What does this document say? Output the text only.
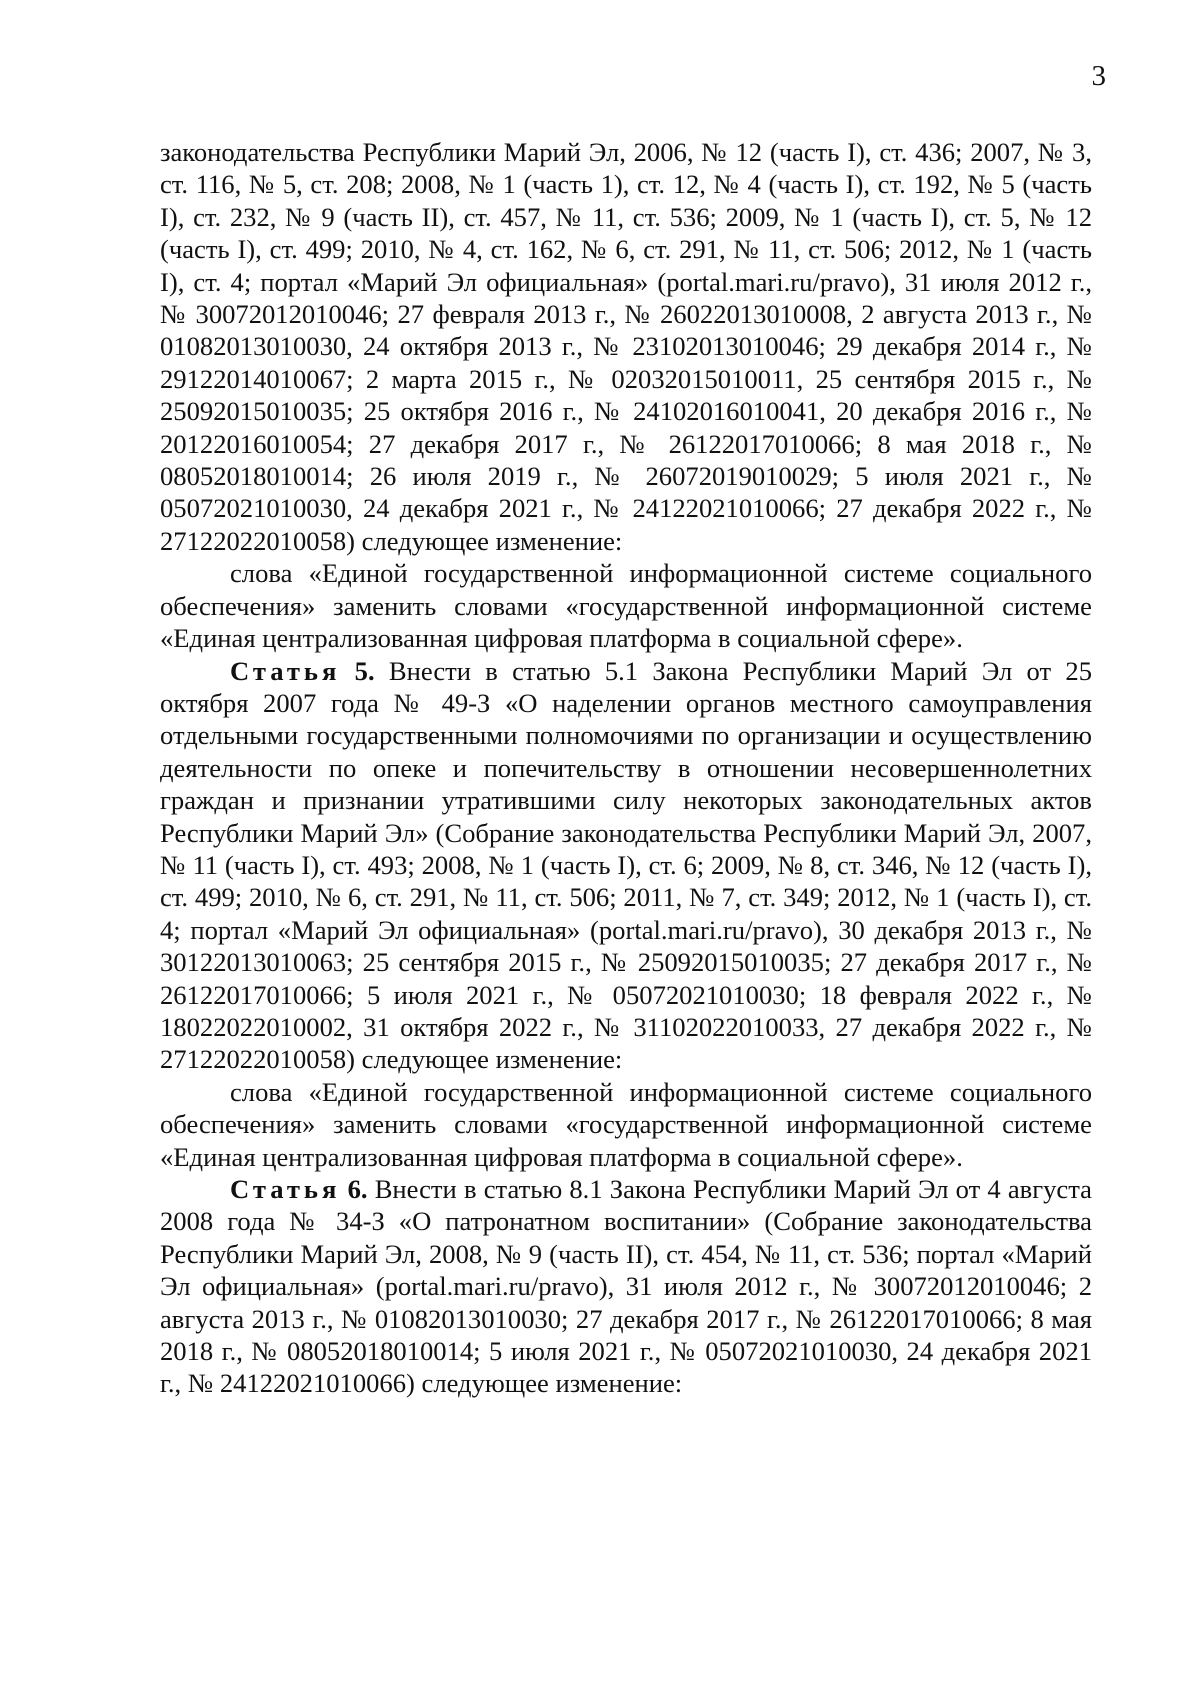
3

законодательства Республики Марий Эл, 2006, № 12 (часть I), ст. 436; 2007, № 3, ст. 116, № 5, ст. 208; 2008, № 1 (часть 1), ст. 12, № 4 (часть I), ст. 192, № 5 (часть I), ст. 232, № 9 (часть II), ст. 457, № 11, ст. 536; 2009, № 1 (часть I), ст. 5, № 12 (часть I), ст. 499; 2010, № 4, ст. 162, № 6, ст. 291, № 11, ст. 506; 2012, № 1 (часть I), ст. 4; портал «Марий Эл официальная» (portal.mari.ru/pravo), 31 июля 2012 г., № 30072012010046; 27 февраля 2013 г., № 26022013010008, 2 августа 2013 г., № 01082013010030, 24 октября 2013 г., № 23102013010046; 29 декабря 2014 г., № 29122014010067; 2 марта 2015 г., № 02032015010011, 25 сентября 2015 г., № 25092015010035; 25 октября 2016 г., № 24102016010041, 20 декабря 2016 г., № 20122016010054; 27 декабря 2017 г., № 26122017010066; 8 мая 2018 г., № 08052018010014; 26 июля 2019 г., № 26072019010029; 5 июля 2021 г., № 05072021010030, 24 декабря 2021 г., № 24122021010066; 27 декабря 2022 г., № 27122022010058) следующее изменение:

слова «Единой государственной информационной системе социального обеспечения» заменить словами «государственной информационной системе «Единая централизованная цифровая платформа в социальной сфере».

Статья 5. Внести в статью 5.1 Закона Республики Марий Эл от 25 октября 2007 года № 49-З «О наделении органов местного самоуправления отдельными государственными полномочиями по организации и осуществлению деятельности по опеке и попечительству в отношении несовершеннолетних граждан и признании утратившими силу некоторых законодательных актов Республики Марий Эл» (Собрание законодательства Республики Марий Эл, 2007, № 11 (часть I), ст. 493; 2008, № 1 (часть I), ст. 6; 2009, № 8, ст. 346, № 12 (часть I), ст. 499; 2010, № 6, ст. 291, № 11, ст. 506; 2011, № 7, ст. 349; 2012, № 1 (часть I), ст. 4; портал «Марий Эл официальная» (portal.mari.ru/pravo), 30 декабря 2013 г., № 30122013010063; 25 сентября 2015 г., № 25092015010035; 27 декабря 2017 г., № 26122017010066; 5 июля 2021 г., № 05072021010030; 18 февраля 2022 г., № 18022022010002, 31 октября 2022 г., № 31102022010033, 27 декабря 2022 г., № 27122022010058) следующее изменение:

слова «Единой государственной информационной системе социального обеспечения» заменить словами «государственной информационной системе «Единая централизованная цифровая платформа в социальной сфере».

Статья 6. Внести в статью 8.1 Закона Республики Марий Эл от 4 августа 2008 года № 34-З «О патронатном воспитании» (Собрание законодательства Республики Марий Эл, 2008, № 9 (часть II), ст. 454, № 11, ст. 536; портал «Марий Эл официальная» (portal.mari.ru/pravo), 31 июля 2012 г., № 30072012010046; 2 августа 2013 г., № 01082013010030; 27 декабря 2017 г., № 26122017010066; 8 мая 2018 г., № 08052018010014; 5 июля 2021 г., № 05072021010030, 24 декабря 2021 г., № 24122021010066) следующее изменение:
